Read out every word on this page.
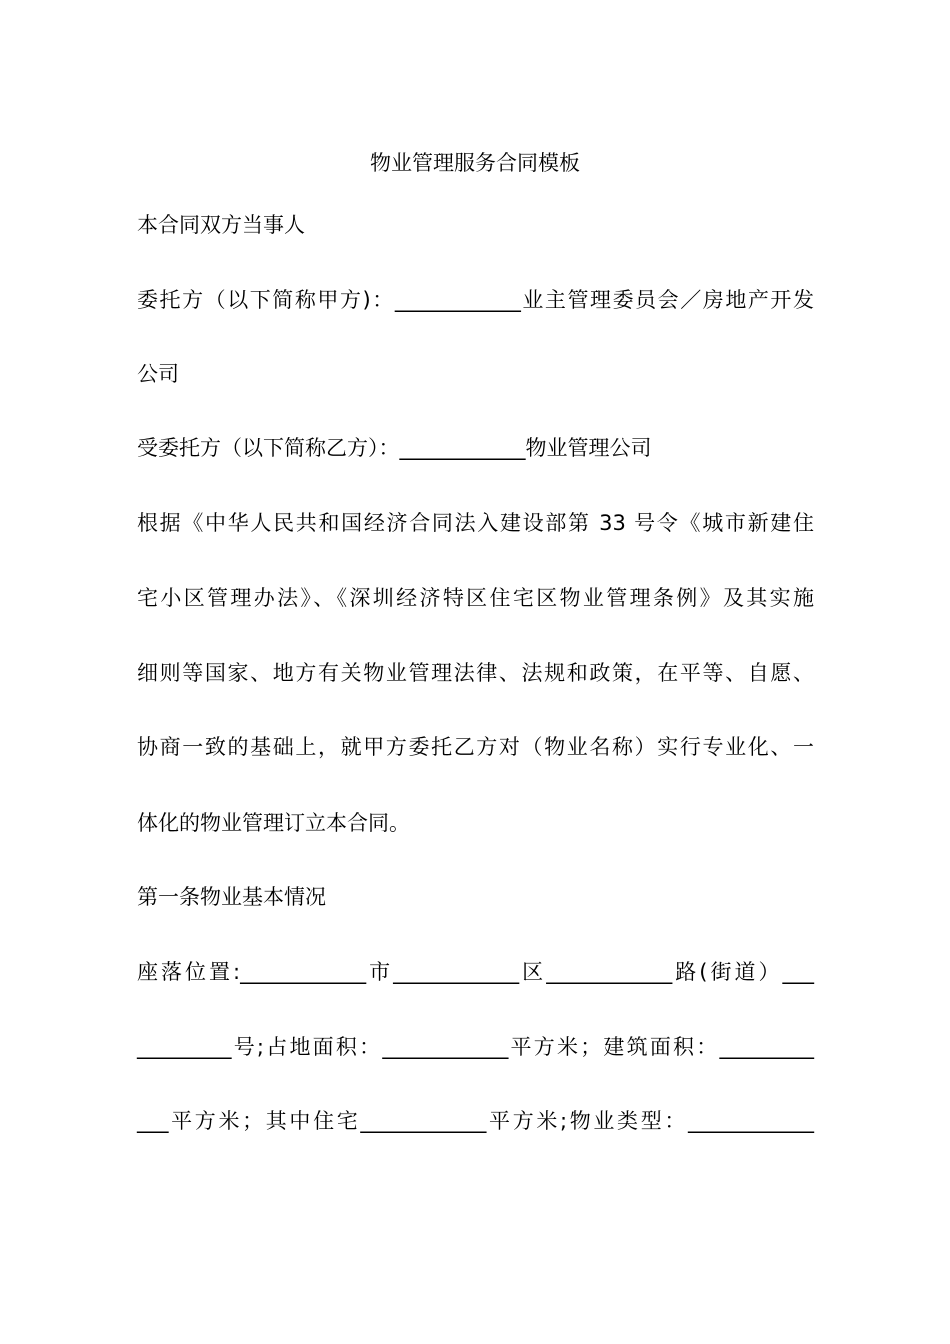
物业管理服务合同模板
本合同双方当事人
委托方（以下简称甲方)：____________业主管理委员会／房地产开发
公司
受委托方（以下简称乙方）：____________物业管理公司
根据《中华人民共和国经济合同法入建设部第 33 号令《城市新建住
宅小区管理办法》、《深圳经济特区住宅区物业管理条例》及其实施
细则等国家、地方有关物业管理法律、法规和政策，在平等、自愿、
协商一致的基础上，就甲方委托乙方对（物业名称）实行专业化、一
体化的物业管理订立本合同。
第一条物业基本情况
座落位置:____________市____________区____________路(街道）___
_________号;占地面积：____________平方米；建筑面积：_________
___平方米；其中住宅____________平方米;物业类型：____________
